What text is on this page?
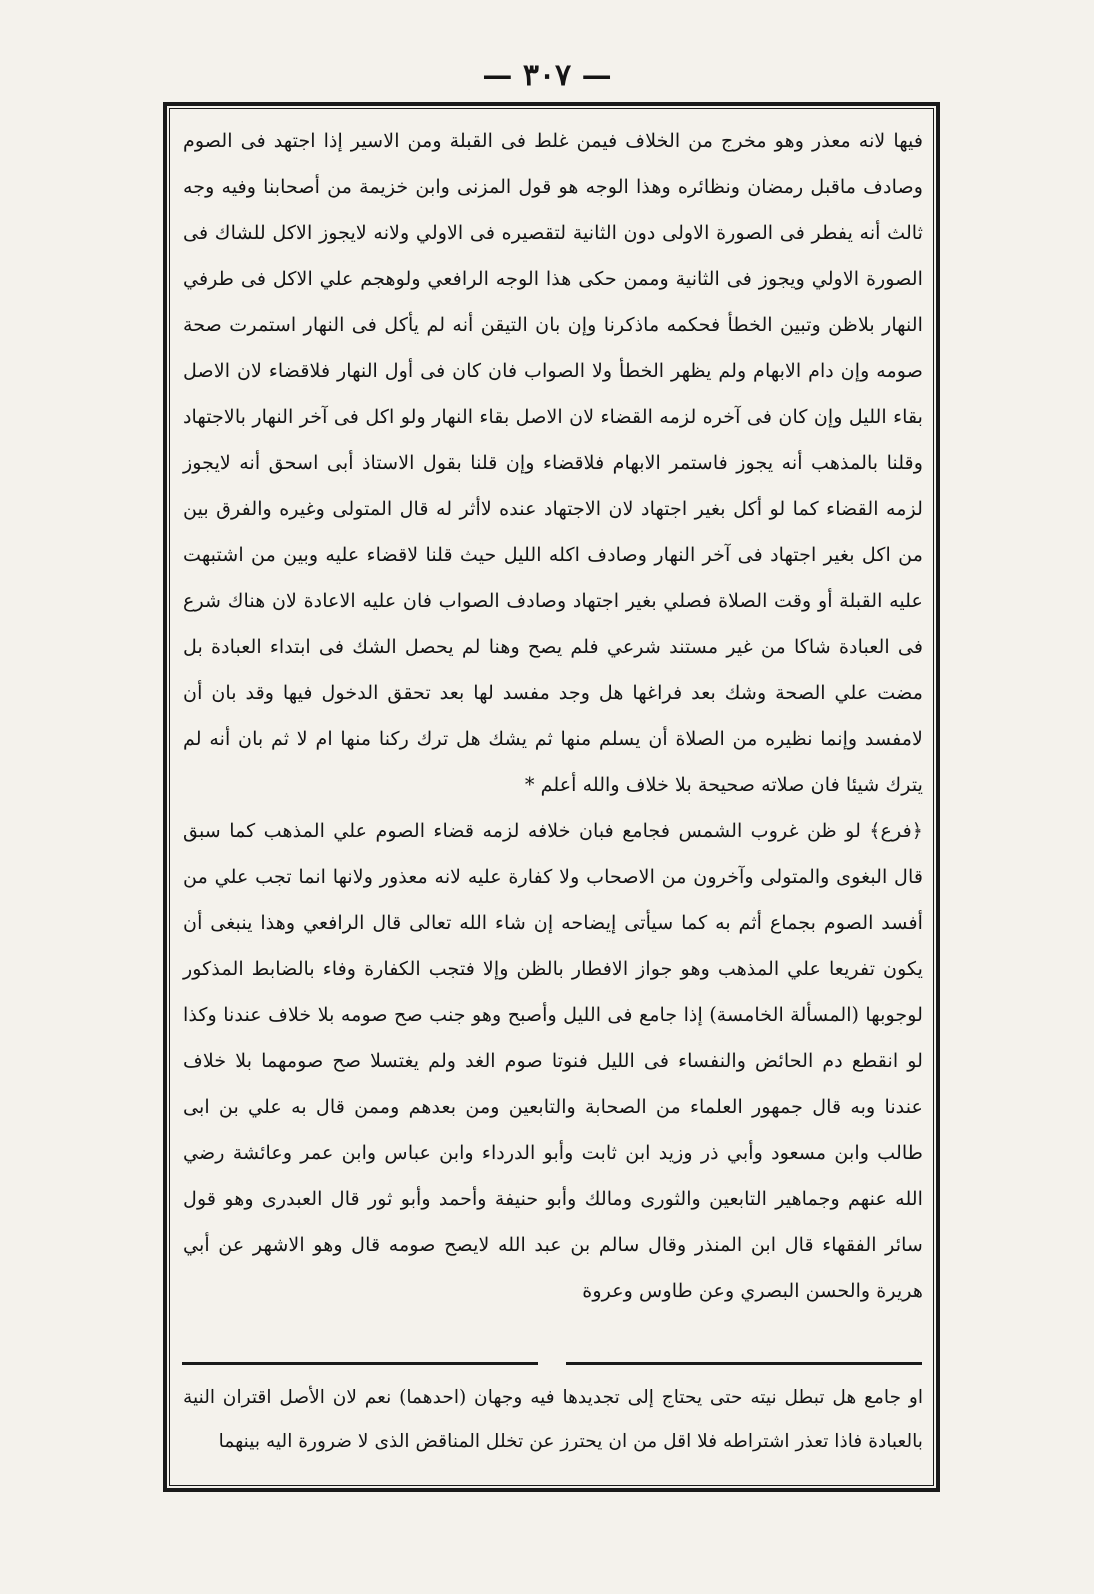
— ٣٠٧ —

فيها لانه معذر وهو مخرج من الخلاف فيمن غلط فى القبلة ومن الاسير إذا اجتهد فى الصوم وصادف ماقبل رمضان ونظائره وهذا الوجه هو قول المزنى وابن خزيمة من أصحابنا وفيه وجه ثالث أنه يفطر فى الصورة الاولى دون الثانية لتقصيره فى الاولي ولانه لايجوز الاكل للشاك فى الصورة الاولي ويجوز فى الثانية وممن حكى هذا الوجه الرافعي ولوهجم علي الاكل فى طرفي النهار بلاظن وتبين الخطأ فحكمه ماذكرنا وإن بان التيقن أنه لم يأكل فى النهار استمرت صحة صومه وإن دام الابهام ولم يظهر الخطأ ولا الصواب فان كان فى أول النهار فلاقضاء لان الاصل بقاء الليل وإن كان فى آخره لزمه القضاء لان الاصل بقاء النهار ولو اكل فى آخر النهار بالاجتهاد وقلنا بالمذهب أنه يجوز فاستمر الابهام فلاقضاء وإن قلنا بقول الاستاذ أبى اسحق أنه لايجوز لزمه القضاء كما لو أكل بغير اجتهاد لان الاجتهاد عنده لاأثر له قال المتولى وغيره والفرق بين من اكل بغير اجتهاد فى آخر النهار وصادف اكله الليل حيث قلنا لاقضاء عليه وبين من اشتبهت عليه القبلة أو وقت الصلاة فصلي بغير اجتهاد وصادف الصواب فان عليه الاعادة لان هناك شرع فى العبادة شاكا من غير مستند شرعي فلم يصح وهنا لم يحصل الشك فى ابتداء العبادة بل مضت علي الصحة وشك بعد فراغها هل وجد مفسد لها بعد تحقق الدخول فيها وقد بان أن لامفسد وإنما نظيره من الصلاة أن يسلم منها ثم يشك هل ترك ركنا منها ام لا ثم بان أنه لم يترك شيئا فان صلاته صحيحة بلا خلاف والله أعلم *

﴿فرع﴾ لو ظن غروب الشمس فجامع فبان خلافه لزمه قضاء الصوم علي المذهب كما سبق قال البغوى والمتولى وآخرون من الاصحاب ولا كفارة عليه لانه معذور ولانها انما تجب علي من أفسد الصوم بجماع أثم به كما سيأتى إيضاحه إن شاء الله تعالى قال الرافعي وهذا ينبغى أن يكون تفريعا علي المذهب وهو جواز الافطار بالظن وإلا فتجب الكفارة وفاء بالضابط المذكور لوجوبها (المسألة الخامسة) إذا جامع فى الليل وأصبح وهو جنب صح صومه بلا خلاف عندنا وكذا لو انقطع دم الحائض والنفساء فى الليل فنوتا صوم الغد ولم يغتسلا صح صومهما بلا خلاف عندنا وبه قال جمهور العلماء من الصحابة والتابعين ومن بعدهم وممن قال به علي بن ابى طالب وابن مسعود وأبي ذر وزيد ابن ثابت وأبو الدرداء وابن عباس وابن عمر وعائشة رضي الله عنهم وجماهير التابعين والثورى ومالك وأبو حنيفة وأحمد وأبو ثور قال العبدرى وهو قول سائر الفقهاء قال ابن المنذر وقال سالم بن عبد الله لايصح صومه قال وهو الاشهر عن أبي هريرة والحسن البصري وعن طاوس وعروة

او جامع هل تبطل نيته حتى يحتاج إلى تجديدها فيه وجهان (احدهما) نعم لان الأصل اقتران النية بالعبادة فاذا تعذر اشتراطه فلا اقل من ان يحترز عن تخلل المناقض الذى لا ضرورة اليه بينهما
